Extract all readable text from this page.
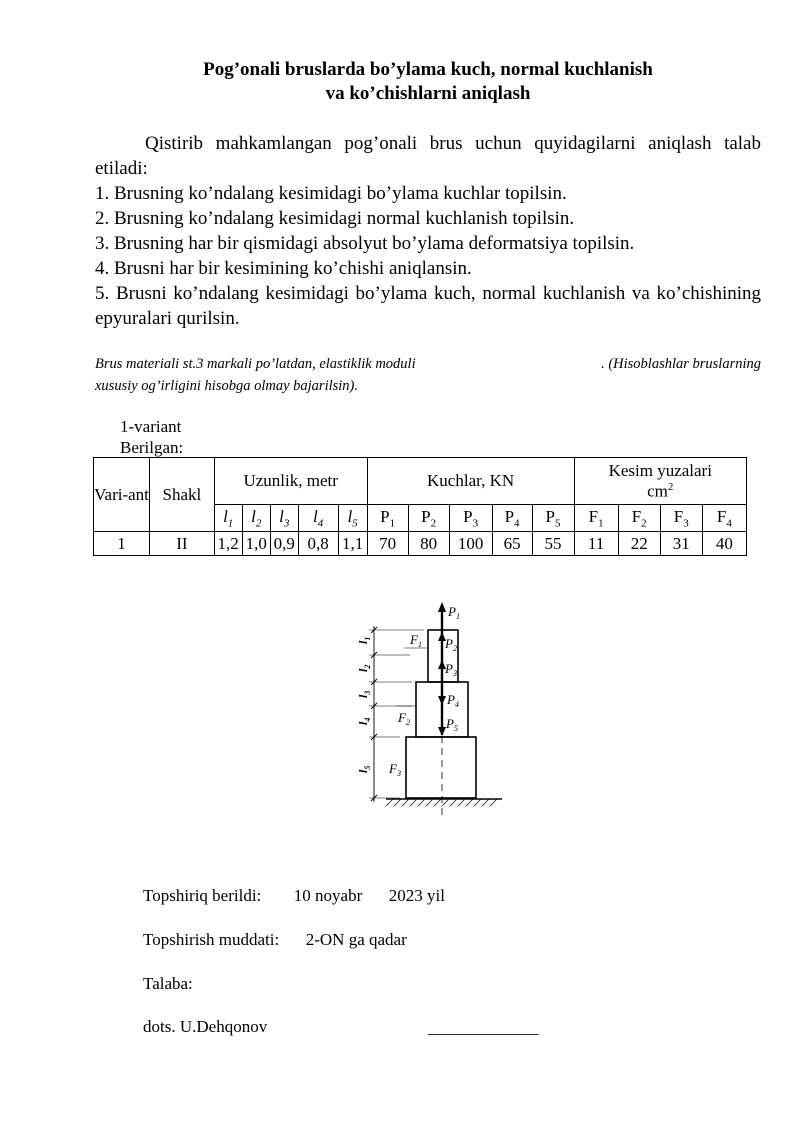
Pog’onali bruslarda bo’ylama kuch, normal kuchlanish
va ko’chishlarni aniqlash

Qistirib mahkamlangan pog’onali brus uchun quyidagilarni aniqlash talab etiladi:

1. Brusning ko’ndalang kesimidagi bo’ylama kuchlar topilsin.

2. Brusning ko’ndalang kesimidagi normal kuchlanish topilsin.

3. Brusning har bir qismidagi absolyut bo’ylama deformatsiya topilsin.

4. Brusni har bir kesimining ko’chishi aniqlansin.

5. Brusni ko’ndalang kesimidagi bo’ylama kuch, normal kuchlanish va ko’chishining epyuralari qurilsin.

. (Hisoblashlar bruslarning
Brus materiali st.3 markali po’latdan, elastiklik moduli
xususiy og’irligini hisobga olmay bajarilsin).
1-variant
Berilgan:
Vari-ant	Shakl	Uzunlik, metr					Kuchlar, KN					Kesim yuzalari
$cm^2$
		$l_1$	$l_2$	$l_3$	$l_4$	$l_5$	$P_1$	$P_2$	$P_3$	$P_4$	$P_5$	$F_1$	$F_2$	$F_3$	$F_4$
1	II	1,2	1,0	0,9	0,8	1,1	70	80	100	65	55	11	22	31	40
$P_1$
$P_2$
$P_3$
$P_4$
$P_5$
$F_1$
$F_2$
$F_3$
$l_1$
$l_2$
$l_3$
$l_4$
$l_5$
Topshiriq berildi: 10 noyabr 2023 yil
Topshirish muddati: 2-ON ga qadar
Talaba:
dots. U.Dehqonov	_____________
